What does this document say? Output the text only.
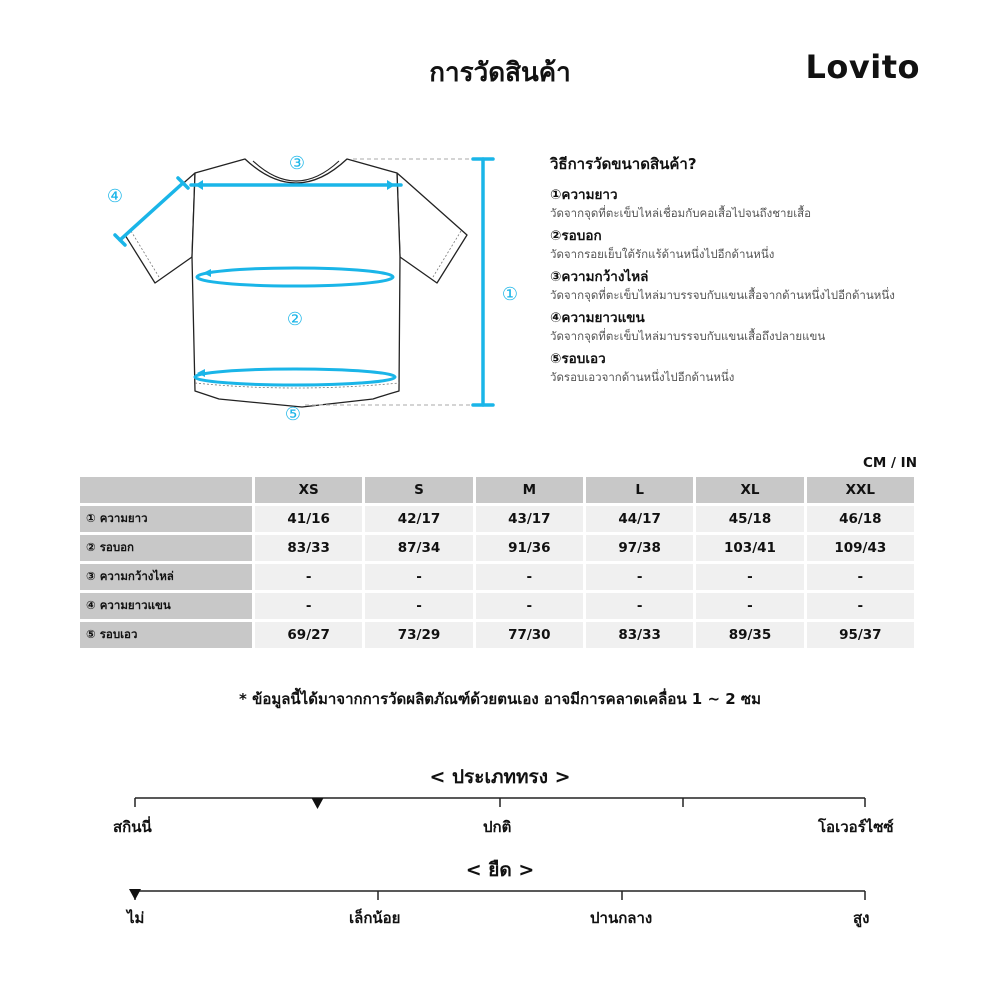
การวัดสินค้า	Lovito
①
②
③
④
⑤
วิธีการวัดขนาดสินค้า?
①ความยาว
วัดจากจุดที่ตะเข็บไหล่เชื่อมกับคอเสื้อไปจนถึงชายเสื้อ
②รอบอก
วัดจากรอยเย็บใต้รักแร้ด้านหนึ่งไปอีกด้านหนึ่ง
③ความกว้างไหล่
วัดจากจุดที่ตะเข็บไหล่มาบรรจบกับแขนเสื้อจากด้านหนึ่งไปอีกด้านหนึ่ง
④ความยาวแขน
วัดจากจุดที่ตะเข็บไหล่มาบรรจบกับแขนเสื้อถึงปลายแขน
⑤รอบเอว
วัดรอบเอวจากด้านหนึ่งไปอีกด้านหนึ่ง
CM / IN
	XS	S	M	L	XL	XXL
① ความยาว	41/16	42/17	43/17	44/17	45/18	46/18
② รอบอก	83/33	87/34	91/36	97/38	103/41	109/43
③ ความกว้างไหล่	-	-	-	-	-	-
④ ความยาวแขน	-	-	-	-	-	-
⑤ รอบเอว	69/27	73/29	77/30	83/33	89/35	95/37
* ข้อมูลนี้ได้มาจากการวัดผลิตภัณฑ์ด้วยตนเอง อาจมีการคลาดเคลื่อน 1 ~ 2 ซม
< ประเภททรง >
สกินนี่	ปกติ	โอเวอร์ไซซ์
< ยืด >
ไม่	เล็กน้อย	ปานกลาง	สูง
